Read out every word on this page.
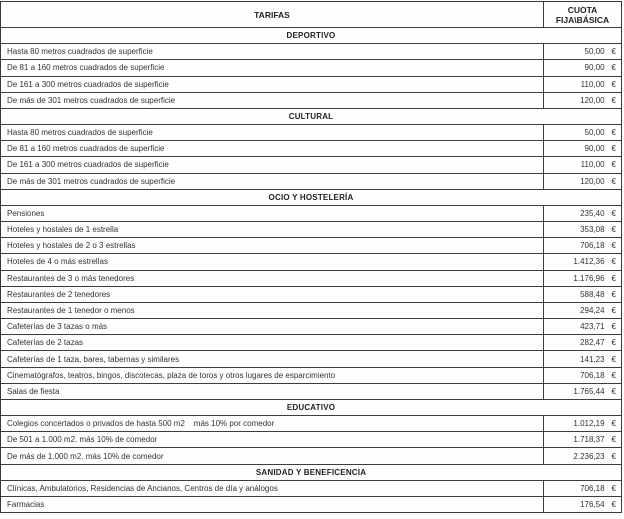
TARIFAS	CUOTA
FIJA\BÁSICA
DEPORTIVO
Hasta 80 metros cuadrados de superficie	50,00 €
De 81 a 160 metros cuadrados de superficie	90,00 €
De 161 a 300 metros cuadrados de superficie	110,00 €
De más de 301 metros cuadrados de superficie	120,00 €
CULTURAL
Hasta 80 metros cuadrados de superficie	50,00 €
De 81 a 160 metros cuadrados de superficie	90,00 €
De 161 a 300 metros cuadrados de superficie	110,00 €
De más de 301 metros cuadrados de superficie	120,00 €
OCIO Y HOSTELERÍA
Pensiones	235,40 €
Hoteles y hostales de 1 estrella	353,08 €
Hoteles y hostales de 2 o 3 estrellas	706,18 €
Hoteles de 4 o más estrellas	1.412,36 €
Restaurantes de 3 o más tenedores	1.176,96 €
Restaurantes de 2 tenedores	588,48 €
Restaurantes de 1 tenedor o menos	294,24 €
Cafeterías de 3 tazas o más	423,71 €
Cafeterías de 2 tazas	282,47 €
Cafeterías de 1 taza, bares, tabernas y similares	141,23 €
Cinematógrafos, teatros, bingos, discotecas, plaza de toros y otros lugares de esparcimiento	706,18 €
Salas de fiesta	1.765,44 €
EDUCATIVO
Colegios concertados o privados de hasta 500 m2    más 10% por comedor	1.012,19 €
De 501 a 1.000 m2. más 10% de comedor	1.718,37 €
De más de 1.000 m2. más 10% de comedor	2.236,23 €
SANIDAD Y BENEFICENCIA
Clínicas, Ambulatorios, Residencias de Ancianos, Centros de día y análogos	706,18 €
Farmacias	176,54 €
